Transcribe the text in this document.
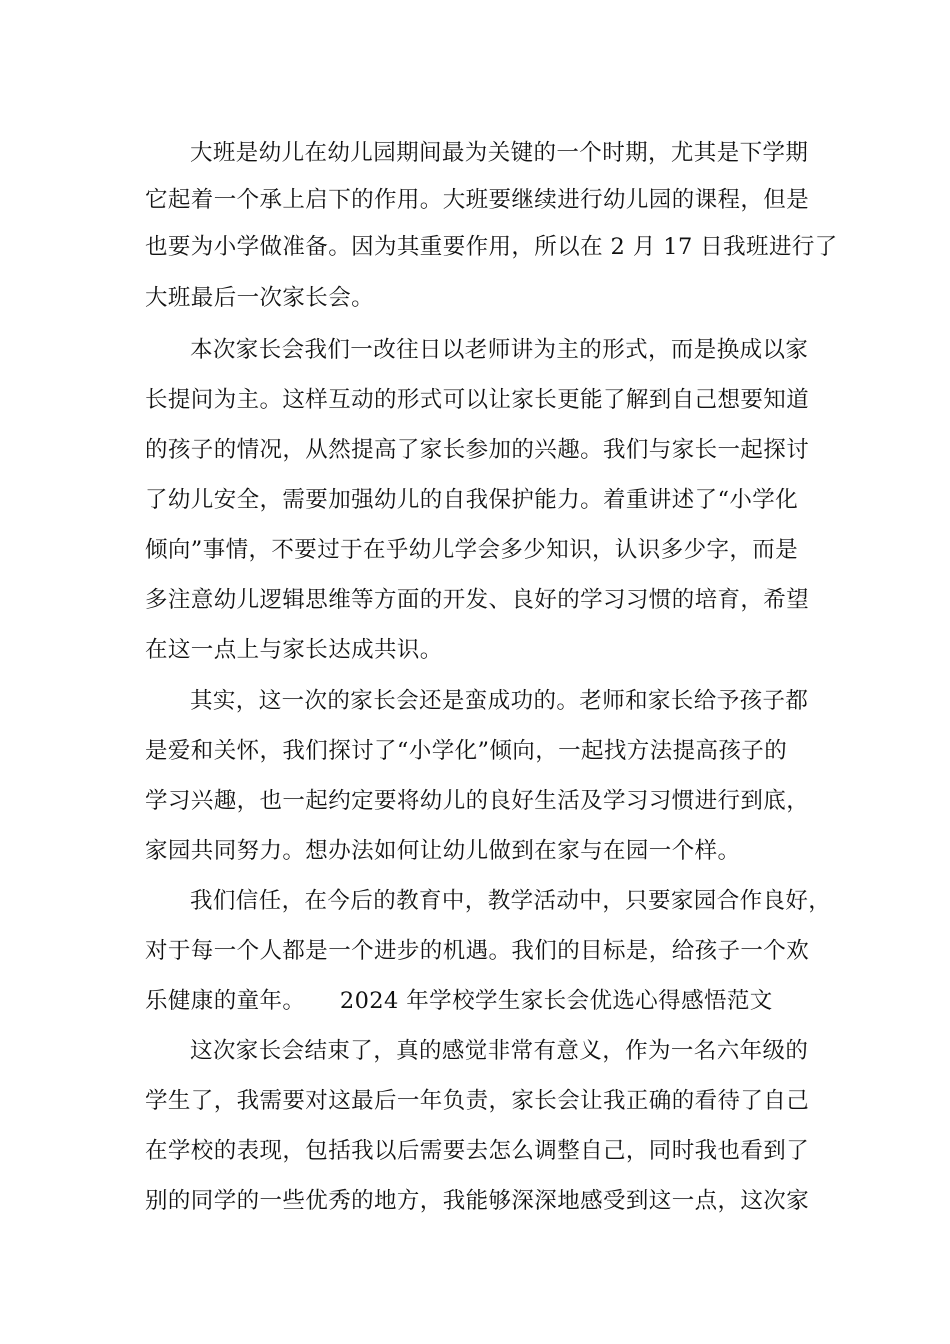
大班是幼儿在幼儿园期间最为关键的一个时期，尤其是下学期
它起着一个承上启下的作用。大班要继续进行幼儿园的课程，但是
也要为小学做准备。因为其重要作用，所以在 2 月 17 日我班进行了
大班最后一次家长会。
本次家长会我们一改往日以老师讲为主的形式，而是换成以家
长提问为主。这样互动的形式可以让家长更能了解到自己想要知道
的孩子的情况，从然提高了家长参加的兴趣。我们与家长一起探讨
了幼儿安全，需要加强幼儿的自我保护能力。着重讲述了“小学化
倾向”事情，不要过于在乎幼儿学会多少知识，认识多少字，而是
多注意幼儿逻辑思维等方面的开发、良好的学习习惯的培育，希望
在这一点上与家长达成共识。
其实，这一次的家长会还是蛮成功的。老师和家长给予孩子都
是爱和关怀，我们探讨了“小学化”倾向，一起找方法提高孩子的
学习兴趣，也一起约定要将幼儿的良好生活及学习习惯进行到底，
家园共同努力。想办法如何让幼儿做到在家与在园一个样。
我们信任，在今后的教育中，教学活动中，只要家园合作良好，
对于每一个人都是一个进步的机遇。我们的目标是，给孩子一个欢
乐健康的童年。　　2024 年学校学生家长会优选心得感悟范文
这次家长会结束了，真的感觉非常有意义，作为一名六年级的
学生了，我需要对这最后一年负责，家长会让我正确的看待了自己
在学校的表现，包括我以后需要去怎么调整自己，同时我也看到了
别的同学的一些优秀的地方，我能够深深地感受到这一点，这次家
